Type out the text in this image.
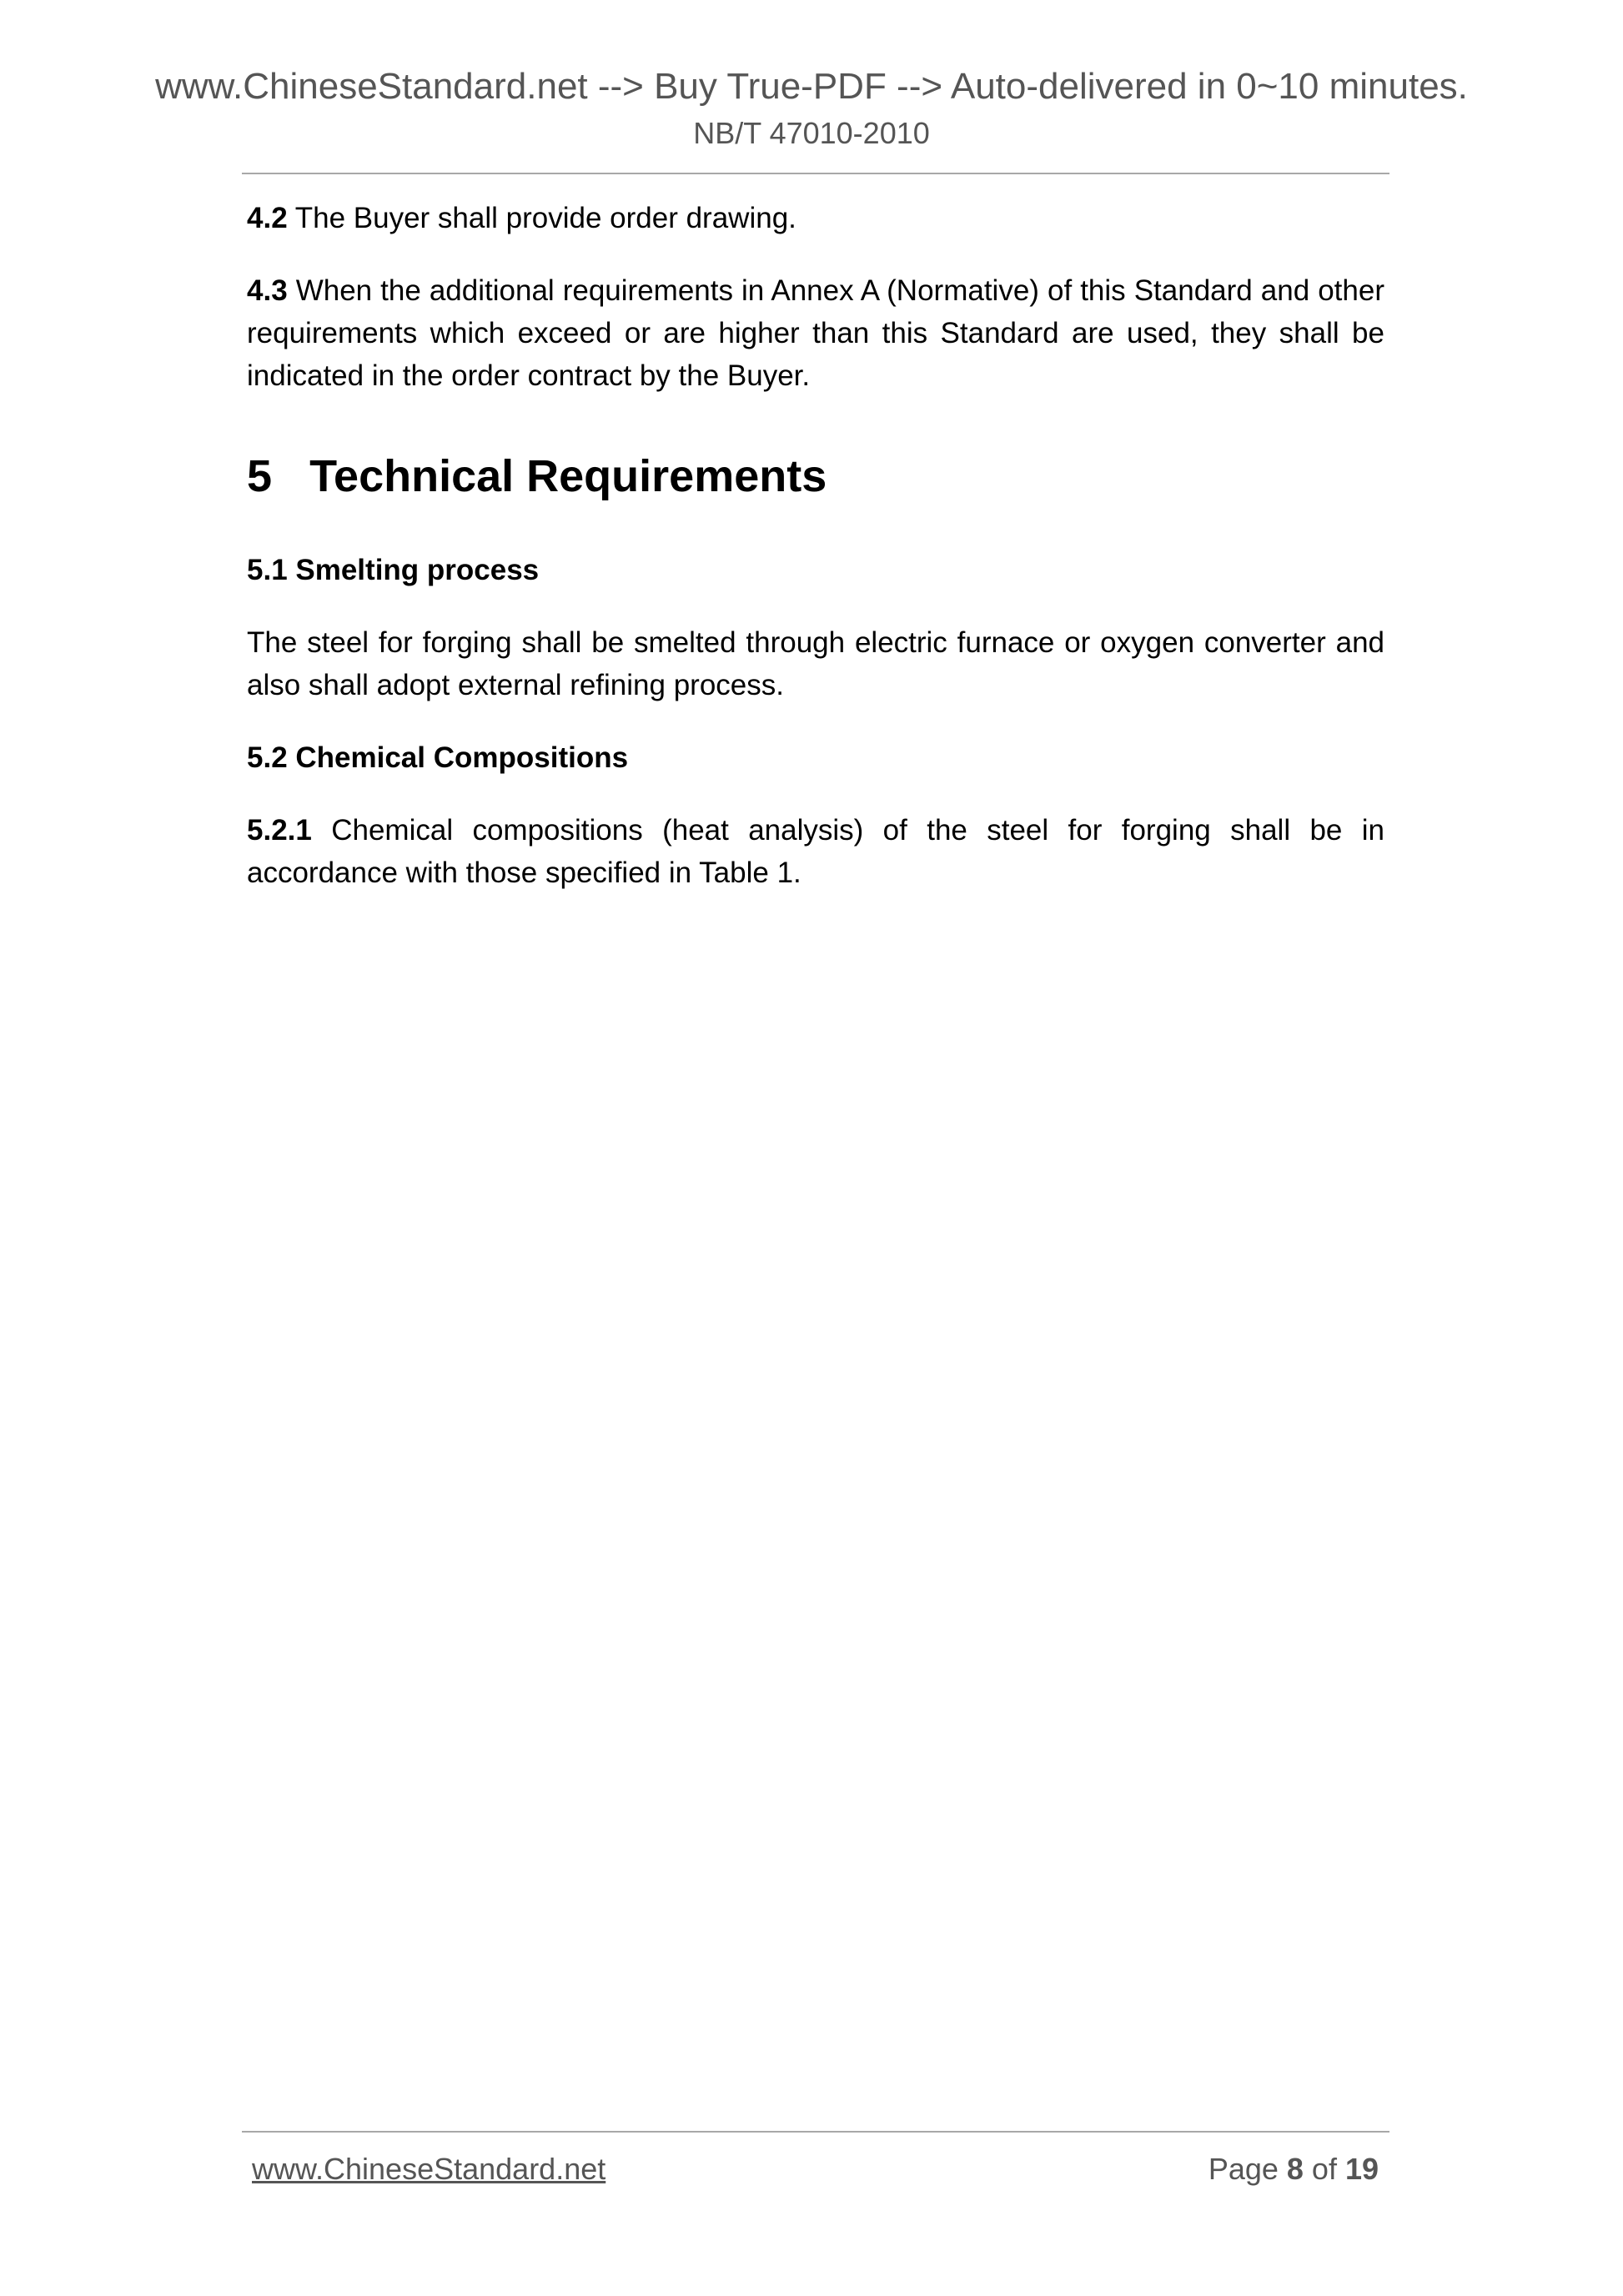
www.ChineseStandard.net --> Buy True-PDF --> Auto-delivered in 0~10 minutes.
NB/T 47010-2010

4.2 The Buyer shall provide order drawing.

4.3 When the additional requirements in Annex A (Normative) of this Standard and other requirements which exceed or are higher than this Standard are used, they shall be indicated in the order contract by the Buyer.

5 Technical Requirements
5.1 Smelting process

The steel for forging shall be smelted through electric furnace or oxygen converter and also shall adopt external refining process.

5.2 Chemical Compositions

5.2.1 Chemical compositions (heat analysis) of the steel for forging shall be in accordance with those specified in Table 1.

www.ChineseStandard.net	Page 8 of 19
